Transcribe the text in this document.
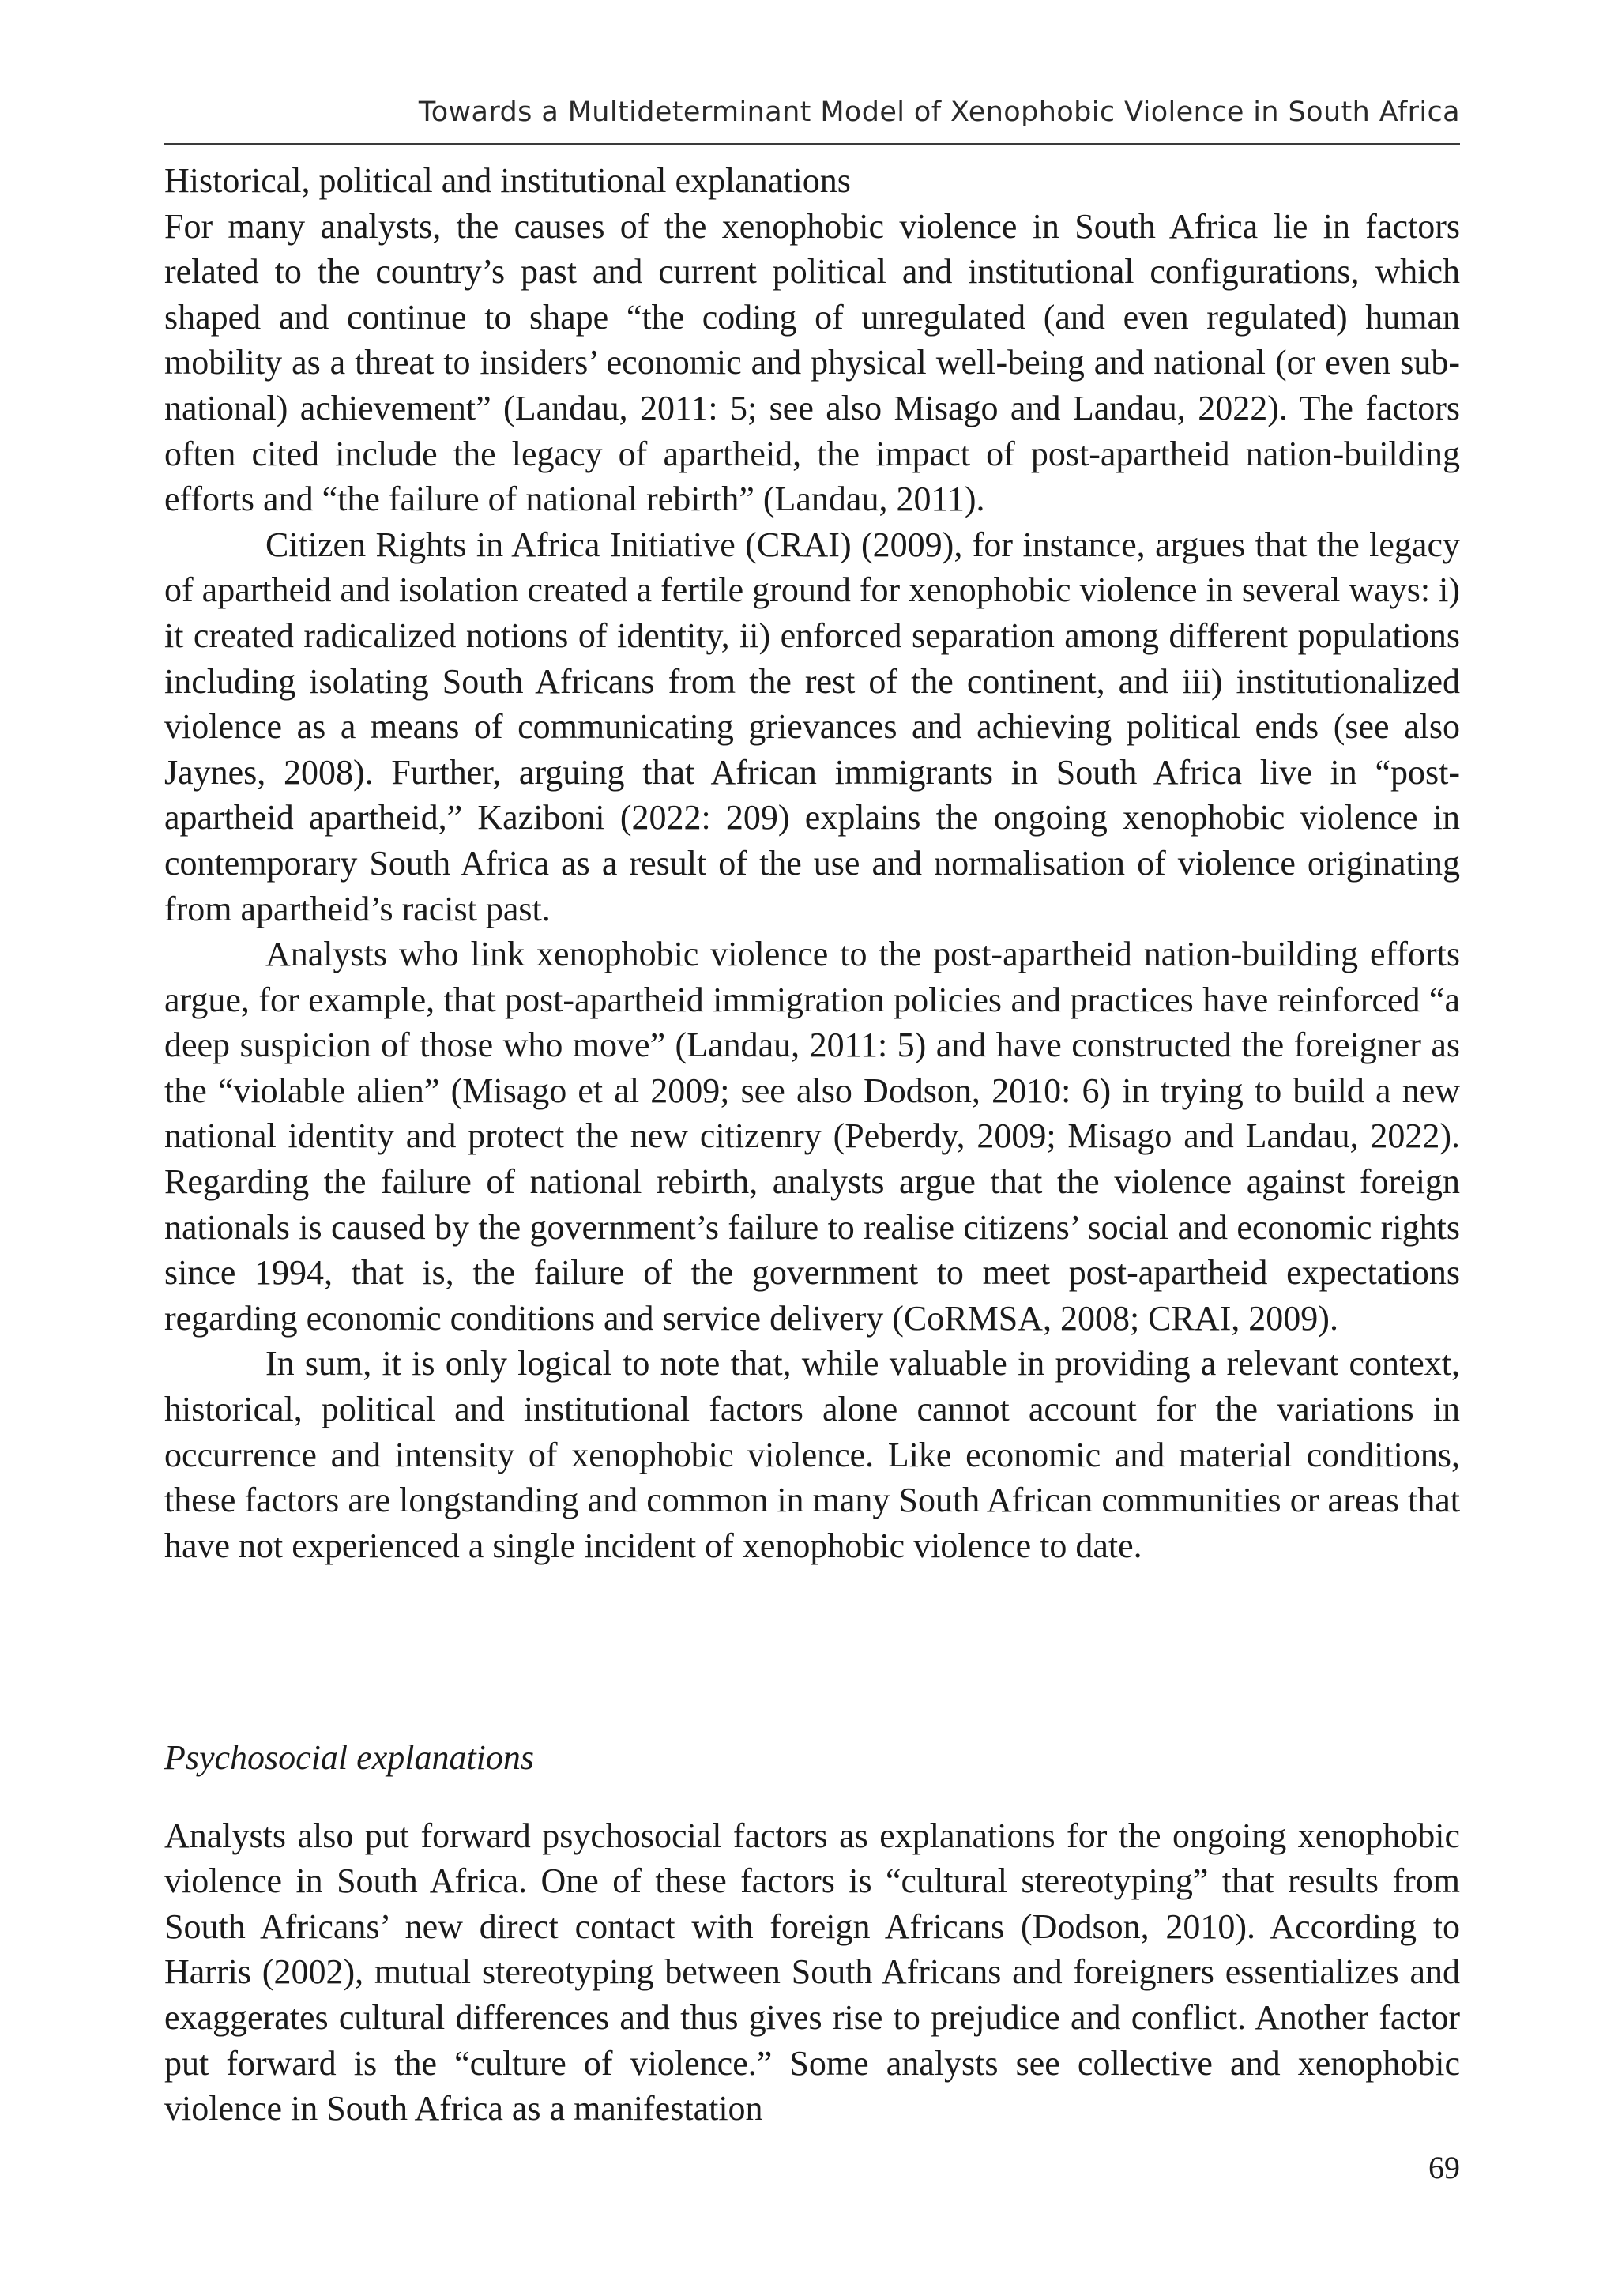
Towards a Multideterminant Model of Xenophobic Violence in South Africa

Historical, political and institutional explanations

For many analysts, the causes of the xenophobic violence in South Africa lie in factors related to the country’s past and current political and institutional configurations, which shaped and continue to shape “the coding of unregulated (and even regulated) human mobility as a threat to insiders’ economic and physical well-being and national (or even sub-national) achievement” (Landau, 2011: 5; see also Misago and Landau, 2022). The factors often cited include the legacy of apartheid, the impact of post-apartheid nation-building efforts and “the failure of national rebirth” (Landau, 2011).

Citizen Rights in Africa Initiative (CRAI) (2009), for instance, argues that the legacy of apartheid and isolation created a fertile ground for xenophobic violence in several ways: i) it created radicalized notions of identity, ii) enforced separation among different populations including isolating South Africans from the rest of the continent, and iii) institutionalized violence as a means of communicating grievances and achieving political ends (see also Jaynes, 2008). Further, arguing that African immigrants in South Africa live in “post-apartheid apartheid,” Kaziboni (2022: 209) explains the ongoing xenophobic violence in contemporary South Africa as a result of the use and normalisation of violence originating from apartheid’s racist past.

Analysts who link xenophobic violence to the post-apartheid nation-building efforts argue, for example, that post-apartheid immigration policies and practices have reinforced “a deep suspicion of those who move” (Landau, 2011: 5) and have constructed the foreigner as the “violable alien” (Misago et al 2009; see also Dodson, 2010: 6) in trying to build a new national identity and protect the new citizenry (Peberdy, 2009; Misago and Landau, 2022). Regarding the failure of national rebirth, analysts argue that the violence against foreign nationals is caused by the government’s failure to realise citizens’ social and economic rights since 1994, that is, the failure of the government to meet post-apartheid expectations regarding economic conditions and service delivery (CoRMSA, 2008; CRAI, 2009).

In sum, it is only logical to note that, while valuable in providing a relevant context, historical, political and institutional factors alone cannot account for the variations in occurrence and intensity of xenophobic violence. Like economic and material conditions, these factors are longstanding and common in many South African communities or areas that have not experienced a single incident of xenophobic violence to date.

Psychosocial explanations

Analysts also put forward psychosocial factors as explanations for the ongoing xenophobic violence in South Africa. One of these factors is “cultural stereotyping” that results from South Africans’ new direct contact with foreign Africans (Dodson, 2010). According to Harris (2002), mutual stereotyping between South Africans and foreigners essentializes and exaggerates cultural differences and thus gives rise to prejudice and conflict. Another factor put forward is the “culture of violence.” Some analysts see collective and xenophobic violence in South Africa as a manifestation

69
